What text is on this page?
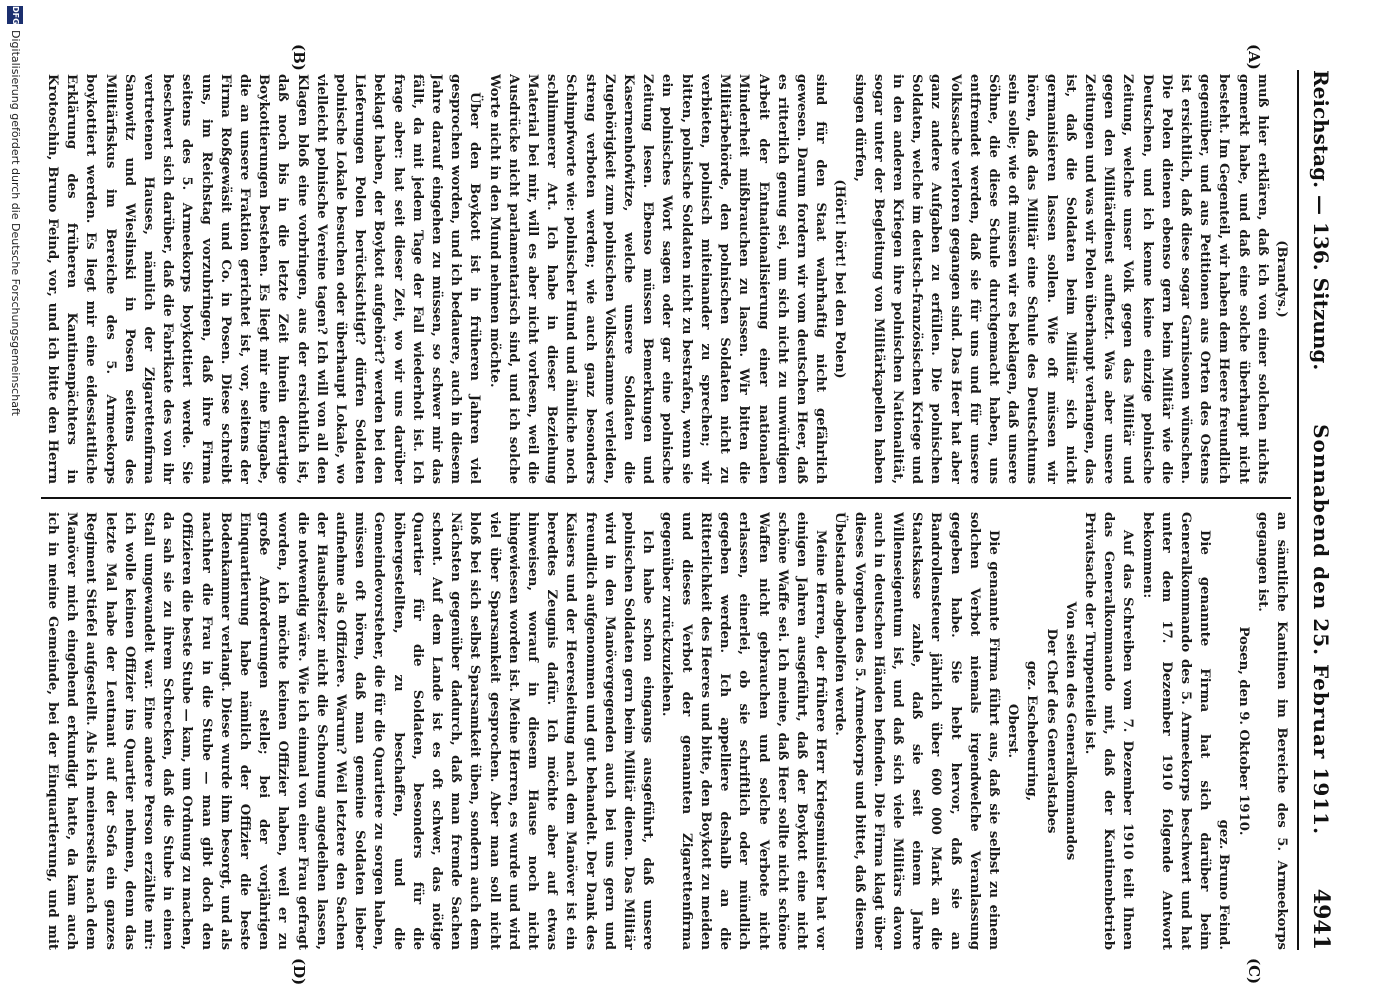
Reichstag. — 136. Sitzung.
Sonnabend den 25. Februar 1911.
4941
(A)
(B)
(C)
(D)

(Brandys.)

muß hier erklären, daß ich von einer solchen nichts gemerkt habe, und daß eine solche überhaupt nicht besteht. Im Gegenteil, wir haben dem Heere freundlich gegenüber, und aus Petitionen aus Orten des Ostens ist ersichtlich, daß diese sogar Garnisonen wünschen. Die Polen dienen ebenso gern beim Militär wie die Deutschen, und ich kenne keine einzige polnische Zeitung, welche unser Volk gegen das Militär und gegen den Militärdienst aufhetzt. Was aber unsere Zeitungen und was wir Polen überhaupt verlangen, das ist, daß die Soldaten beim Militär sich nicht germanisieren lassen sollen. Wie oft müssen wir hören, daß das Militär eine Schule des Deutschtums sein solle; wie oft müssen wir es beklagen, daß unsere Söhne, die diese Schule durchgemacht haben, uns entfremdet werden, daß sie für uns und für unsere Volkssache verloren gegangen sind. Das Heer hat aber ganz andere Aufgaben zu erfüllen. Die polnischen Soldaten, welche im deutsch-französischen Kriege und in den anderen Kriegen ihre polnischen Nationalität, sogar unter der Begleitung von Militärkapellen haben singen dürfen,

(Hört! hört! bei den Polen)

sind für den Staat wahrhaftig nicht gefährlich gewesen. Darum fordern wir vom deutschen Heer, daß es ritterlich genug sei, um sich nicht zu unwürdigen Arbeit der Entnationalisierung einer nationalen Minderheit mißbrauchen zu lassen. Wir bitten die Militärbehörde, den polnischen Soldaten nicht zu verbieten, polnisch miteinander zu sprechen; wir bitten, polnische Soldaten nicht zu bestrafen, wenn sie ein polnisches Wort sagen oder gar eine polnische Zeitung lesen. Ebenso müssen Bemerkungen und Kasernenhofwitze, welche unsere Soldaten die Zugehörigkeit zum polnischen Volksstamme verleiden, streng verboten werden; wie auch ganz besonders Schimpfworte wie: polnischer Hund und ähnliche noch schlimmerer Art. Ich habe in dieser Beziehung Material bei mir, will es aber nicht vorlesen, weil die Ausdrücke nicht parlamentarisch sind, und ich solche Worte nicht in den Mund nehmen möchte.

Über den Boykott ist in früheren Jahren viel gesprochen worden, und ich bedauere, auch in diesem Jahre darauf eingehen zu müssen, so schwer mir das fällt, da mit jedem Tage der Fall wiederholt ist. Ich frage aber: hat seit dieser Zeit, wo wir uns darüber beklagt haben, der Boykott aufgehört? werden bei den Lieferungen Polen berücksichtigt? dürfen Soldaten polnische Lokale besuchen oder überhaupt Lokale, wo vielleicht polnische Vereine tagen? Ich will von all den Klagen bloß eine vorbringen, aus der ersichtlich ist, daß noch bis in die letzte Zeit hinein derartige Boykottierungen bestehen. Es liegt mir eine Eingabe, die an unsere Fraktion gerichtet ist, vor, seitens der Firma Roßgewäsit und Co. in Posen. Diese schreibt uns, im Reichstag vorzubringen, daß ihre Firma seitens des 5. Armeekorps boykottiert werde. Sie beschwert sich darüber, daß die Fabrikate des von ihr vertretenen Hauses, nämlich der Zigarettenfirma Sanowitz und Wieslinski in Posen seitens des Militärfiskus im Bereiche des 5. Armeekorps boykottiert werden. Es liegt mir eine eidesstattliche Erklärung des früheren Kantinenpächters in Krotoschin, Bruno Feind, vor, und ich bitte den Herrn

an sämtliche Kantinen im Bereiche des 5. Armeekorps gegangen ist.

Posen, den 9. Oktober 1910.

gez. Bruno Feind.

Die genannte Firma hat sich darüber beim Generalkommando des 5. Armeekorps beschwert und hat unter dem 17. Dezember 1910 folgende Antwort bekommen:

Auf das Schreiben vom 7. Dezember 1910 teilt Ihnen das Generalkommando mit, daß der Kantinenbetrieb Privatsache der Truppenteile ist.

Von seiten des Generalkommandos

Der Chef des Generalstabes

gez. Eschebeuring,

Oberst.

Die genannte Firma führt aus, daß sie selbst zu einem solchen Verbot niemals irgendwelche Veranlassung gegeben habe. Sie hebt hervor, daß sie an Bandrollensteuer jährlich über 600 000 Mark an die Staatskasse zahle, daß sie seit einem Jahre Willenseigentum ist, und daß sich viele Militärs davon auch in deutschen Händen befinden. Die Firma klagt über dieses Vorgehen des 5. Armeekorps und bittet, daß diesem Übelstande abgeholfen werde.

Meine Herren, der frühere Herr Kriegsminister hat vor einigen Jahren ausgeführt, daß der Boykott eine nicht schöne Waffe sei. Ich meine, daß Heer sollte nicht schöne Waffen nicht gebrauchen und solche Verbote nicht erlassen, einerlei, ob sie schriftlich oder mündlich gegeben werden. Ich appelliere deshalb an die Ritterlichkeit des Heeres und bitte, den Boykott zu meiden und dieses Verbot der genannten Zigarettenfirma gegenüber zurückzuziehen.

Ich habe schon eingangs ausgeführt, daß unsere polnischen Soldaten gern beim Militär dienen. Das Militär wird in den Manövergegenden auch bei uns gern und freundlich aufgenommen und gut behandelt. Der Dank des Kaisers und der Heeresleitung nach dem Manöver ist ein beredtes Zeugnis dafür. Ich möchte aber auf etwas hinweisen, worauf in diesem Hause noch nicht hingewiesen worden ist. Meine Herren, es wurde und wird viel über Sparsamkeit gesprochen. Aber man soll nicht bloß bei sich selbst Sparsamkeit üben, sondern auch dem Nächsten gegenüber dadurch, daß man fremde Sachen schont. Auf dem Lande ist es oft schwer, das nötige Quartier für die Soldaten, besonders für die höhergestellten, zu beschaffen, und die Gemeindevorsteher, die für die Quartiere zu sorgen haben, müssen oft hören, daß man gemeine Soldaten lieber aufnehme als Offiziere. Warum? Weil letztere den Sachen der Hausbesitzer nicht die Schonung angedeihen lassen, die notwendig wäre. Wie ich einmal von einer Frau gefragt worden, ich möchte keinen Offizier haben, weil er zu große Anforderungen stelle; bei der vorjährigen Einquartierung habe nämlich der Offizier die beste Bodenkammer verlangt. Diese wurde ihm besorgt, und als nachher die Frau in die Stube — man gibt doch den Offizieren die beste Stube — kam, um Ordnung zu machen, da sah sie zu ihrem Schrecken, daß die Stube in einen Stall umgewandelt war. Eine andere Person erzählte mir: ich wolle keinen Offizier ins Quartier nehmen, denn das letzte Mal habe der Leutnant auf der Sofa ein ganzes Regiment Stiefel aufgestellt. Als ich meinerseits nach dem Manöver mich eingehend erkundigt hatte, da kam auch ich in meine Gemeinde, bei der Einquartierung, und mit

DFG
Digitalisierung gefördert durch die Deutsche Forschungsgemeinschaft
